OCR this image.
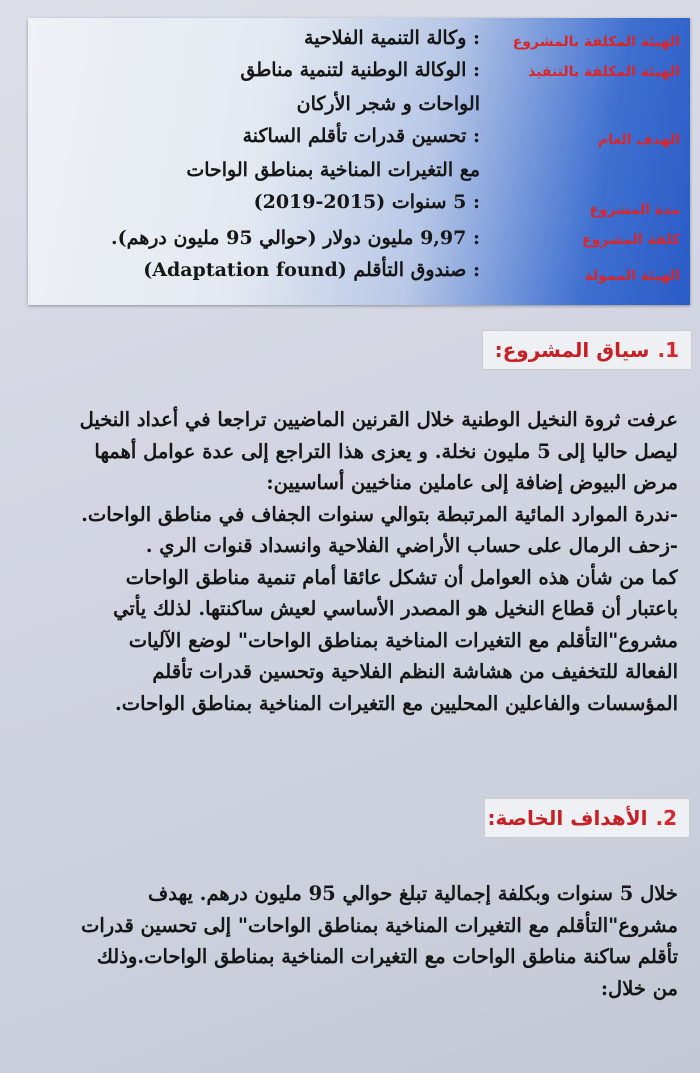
الهيئة المكلفة بالمشروع
: وكالة التنمية الفلاحية
الهيئة المكلفة بالتنفيذ
: الوكالة الوطنية لتنمية مناطق
الواحات و شجر الأركان
الهدف العام
: تحسين قدرات تأقلم الساكنة
مع التغيرات المناخية بمناطق الواحات
مدة المشروع
: 5 سنوات (2015-2019)
كلفة المشروع
: 9,97 مليون دولار (حوالي 95 مليون درهم).
الهيئة الممولة
: صندوق التأقلم (Adaptation found)
1.
سياق المشروع:

عرفت ثروة النخيل الوطنية خلال القرنين الماضيين تراجعا في أعداد النخيل

ليصل حاليا إلى 5 مليون نخلة. و يعزى هذا التراجع إلى عدة عوامل أهمها

مرض البيوض إضافة إلى عاملين مناخيين أساسيين:

-ندرة الموارد المائية المرتبطة بتوالي سنوات الجفاف في مناطق الواحات.

-زحف الرمال على حساب الأراضي الفلاحية وانسداد قنوات الري .

كما من شأن هذه العوامل أن تشكل عائقا أمام تنمية مناطق الواحات

باعتبار أن قطاع النخيل هو المصدر الأساسي لعيش ساكنتها. لذلك يأتي

مشروع"التأقلم مع التغيرات المناخية بمناطق الواحات" لوضع الآليات

الفعالة للتخفيف من هشاشة النظم الفلاحية وتحسين قدرات تأقلم

المؤسسات والفاعلين المحليين مع التغيرات المناخية بمناطق الواحات.

2.
الأهداف الخاصة:

خلال 5 سنوات وبكلفة إجمالية تبلغ حوالي 95 مليون درهم. يهدف

مشروع"التأقلم مع التغيرات المناخية بمناطق الواحات" إلى تحسين قدرات

تأقلم ساكنة مناطق الواحات مع التغيرات المناخية بمناطق الواحات.وذلك

من خلال:
